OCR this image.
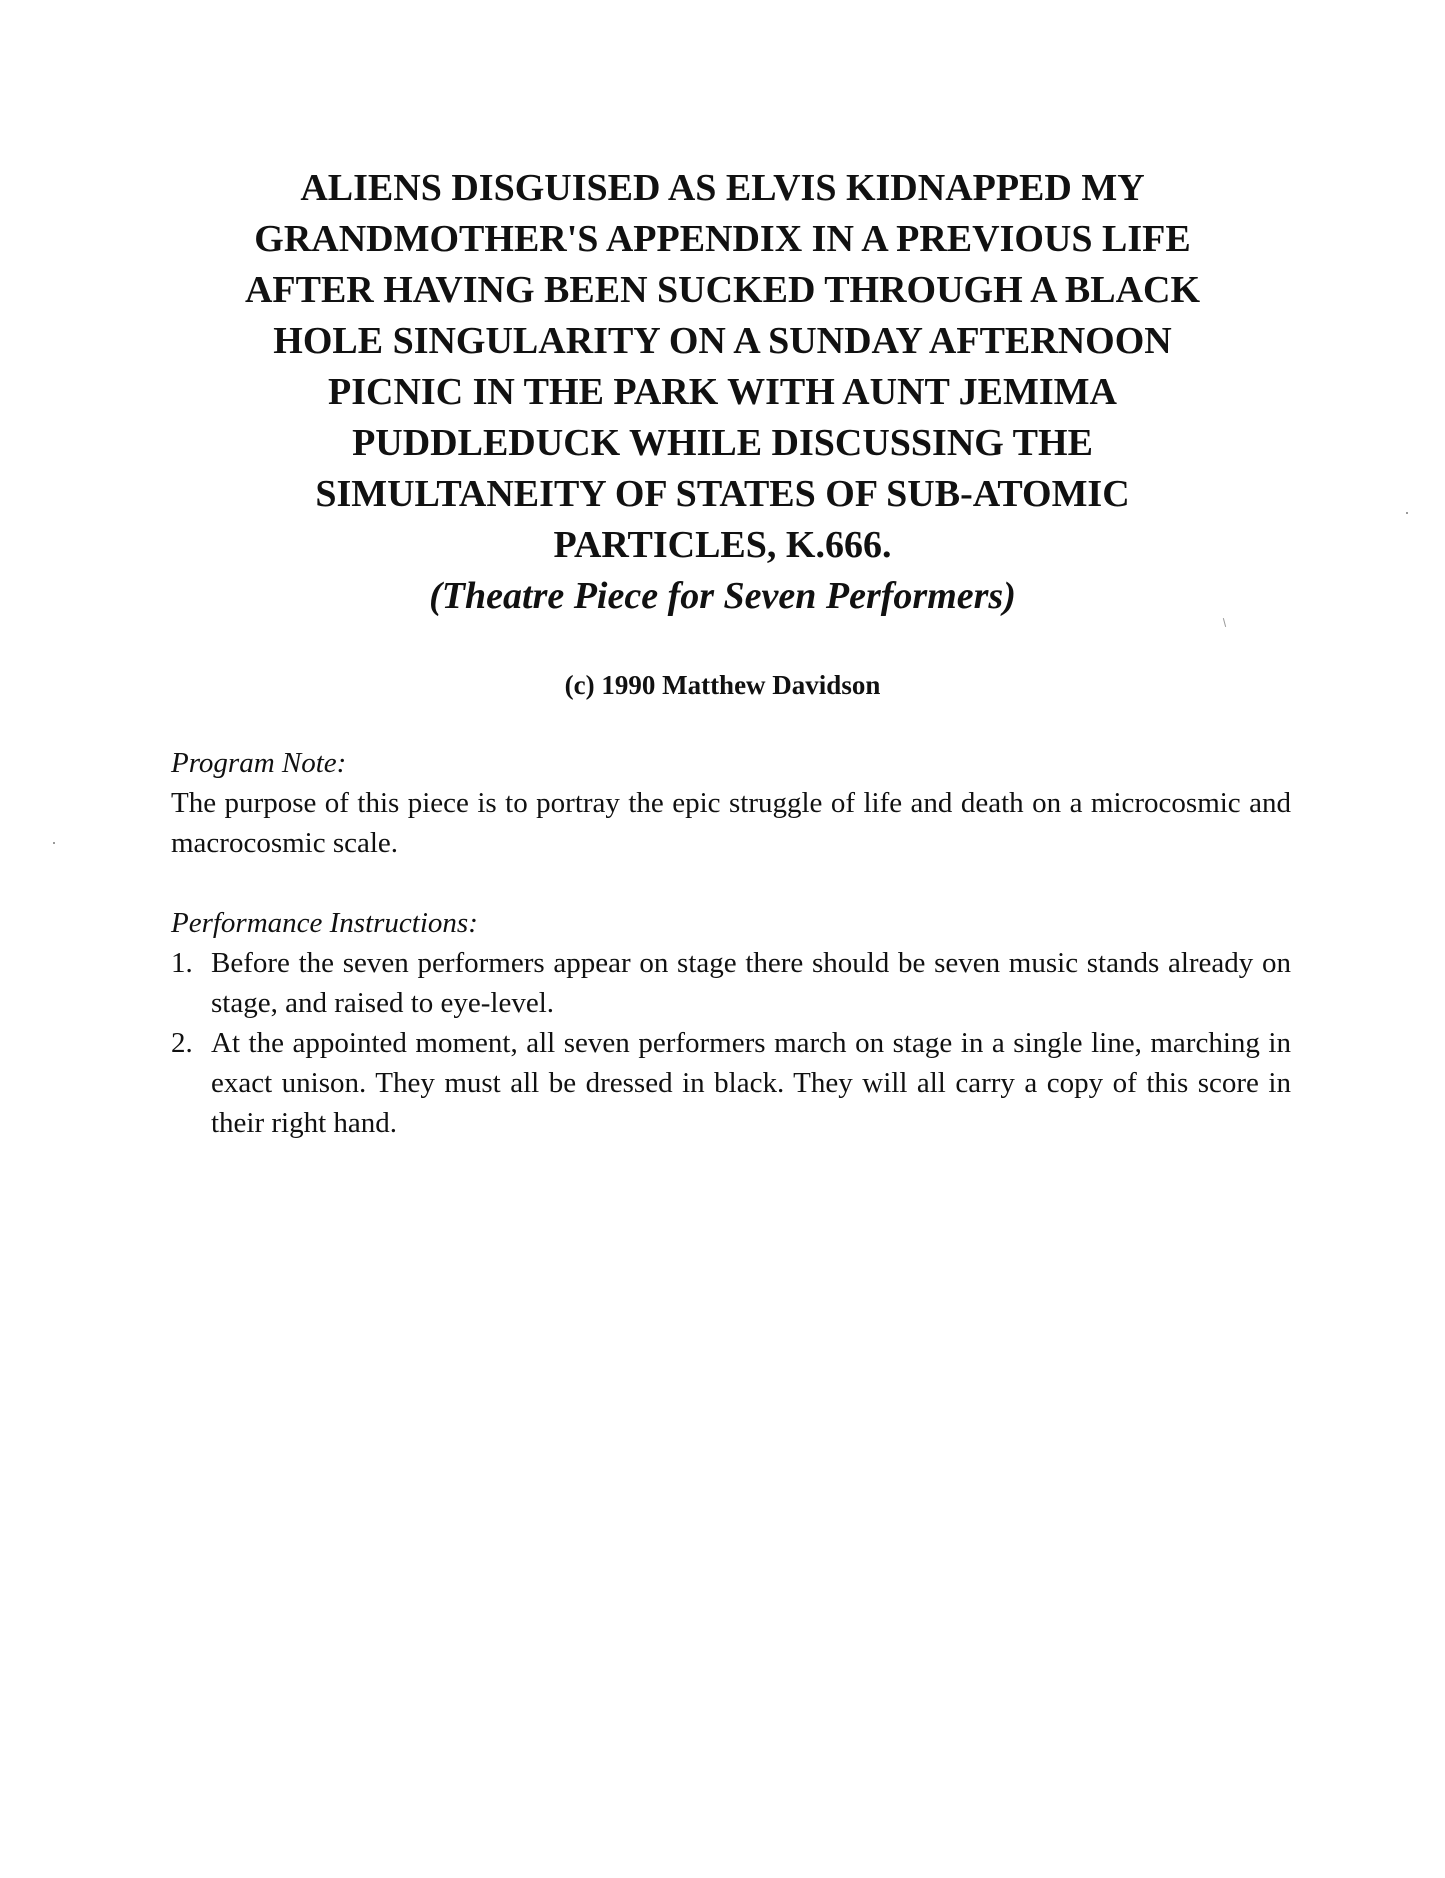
ALIENS DISGUISED AS ELVIS KIDNAPPED MY
GRANDMOTHER'S APPENDIX IN A PREVIOUS LIFE
AFTER HAVING BEEN SUCKED THROUGH A BLACK
HOLE SINGULARITY ON A SUNDAY AFTERNOON
PICNIC IN THE PARK WITH AUNT JEMIMA
PUDDLEDUCK WHILE DISCUSSING THE
SIMULTANEITY OF STATES OF SUB-ATOMIC
PARTICLES, K.666.
(Theatre Piece for Seven Performers)
(c) 1990 Matthew Davidson
Program Note:
The purpose of this piece is to portray the epic struggle of life and death on a microcosmic and macrocosmic scale.
Performance Instructions:
1. Before the seven performers appear on stage there should be seven music stands already on stage, and raised to eye-level.
2. At the appointed moment, all seven performers march on stage in a single line, marching in exact unison. They must all be dressed in black. They will all carry a copy of this score in their right hand.
